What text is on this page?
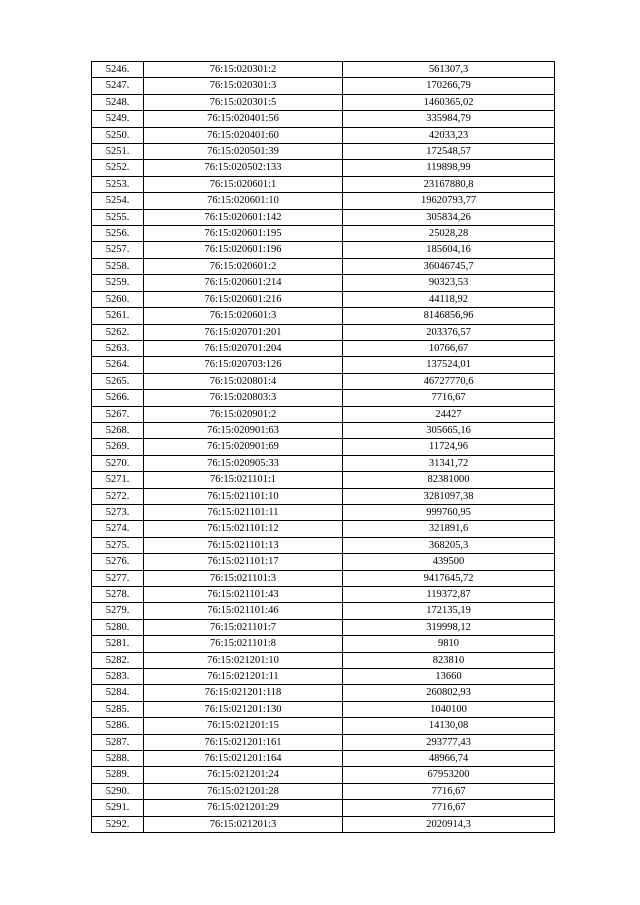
5246.	76:15:020301:2	561307,3
5247.	76:15:020301:3	170266,79
5248.	76:15:020301:5	1460365,02
5249.	76:15:020401:56	335984,79
5250.	76:15:020401:60	42033,23
5251.	76:15:020501:39	172548,57
5252.	76:15:020502:133	119898,99
5253.	76:15:020601:1	23167880,8
5254.	76:15:020601:10	19620793,77
5255.	76:15:020601:142	305834,26
5256.	76:15:020601:195	25028,28
5257.	76:15:020601:196	185604,16
5258.	76:15:020601:2	36046745,7
5259.	76:15:020601:214	90323,53
5260.	76:15:020601:216	44118,92
5261.	76:15:020601:3	8146856,96
5262.	76:15:020701:201	203376,57
5263.	76:15:020701:204	10766,67
5264.	76:15:020703:126	137524,01
5265.	76:15:020801:4	46727770,6
5266.	76:15:020803:3	7716,67
5267.	76:15:020901:2	24427
5268.	76:15:020901:63	305665,16
5269.	76:15:020901:69	11724,96
5270.	76:15:020905:33	31341,72
5271.	76:15:021101:1	82381000
5272.	76:15:021101:10	3281097,38
5273.	76:15:021101:11	999760,95
5274.	76:15:021101:12	321891,6
5275.	76:15:021101:13	368205,3
5276.	76:15:021101:17	439500
5277.	76:15:021101:3	9417645,72
5278.	76:15:021101:43	119372,87
5279.	76:15:021101:46	172135,19
5280.	76:15:021101:7	319998,12
5281.	76:15:021101:8	9810
5282.	76:15:021201:10	823810
5283.	76:15:021201:11	13660
5284.	76:15:021201:118	260802,93
5285.	76:15:021201:130	1040100
5286.	76:15:021201:15	14130,08
5287.	76:15:021201:161	293777,43
5288.	76:15:021201:164	48966,74
5289.	76:15:021201:24	67953200
5290.	76:15:021201:28	7716,67
5291.	76:15:021201:29	7716,67
5292.	76:15:021201:3	2020914,3
